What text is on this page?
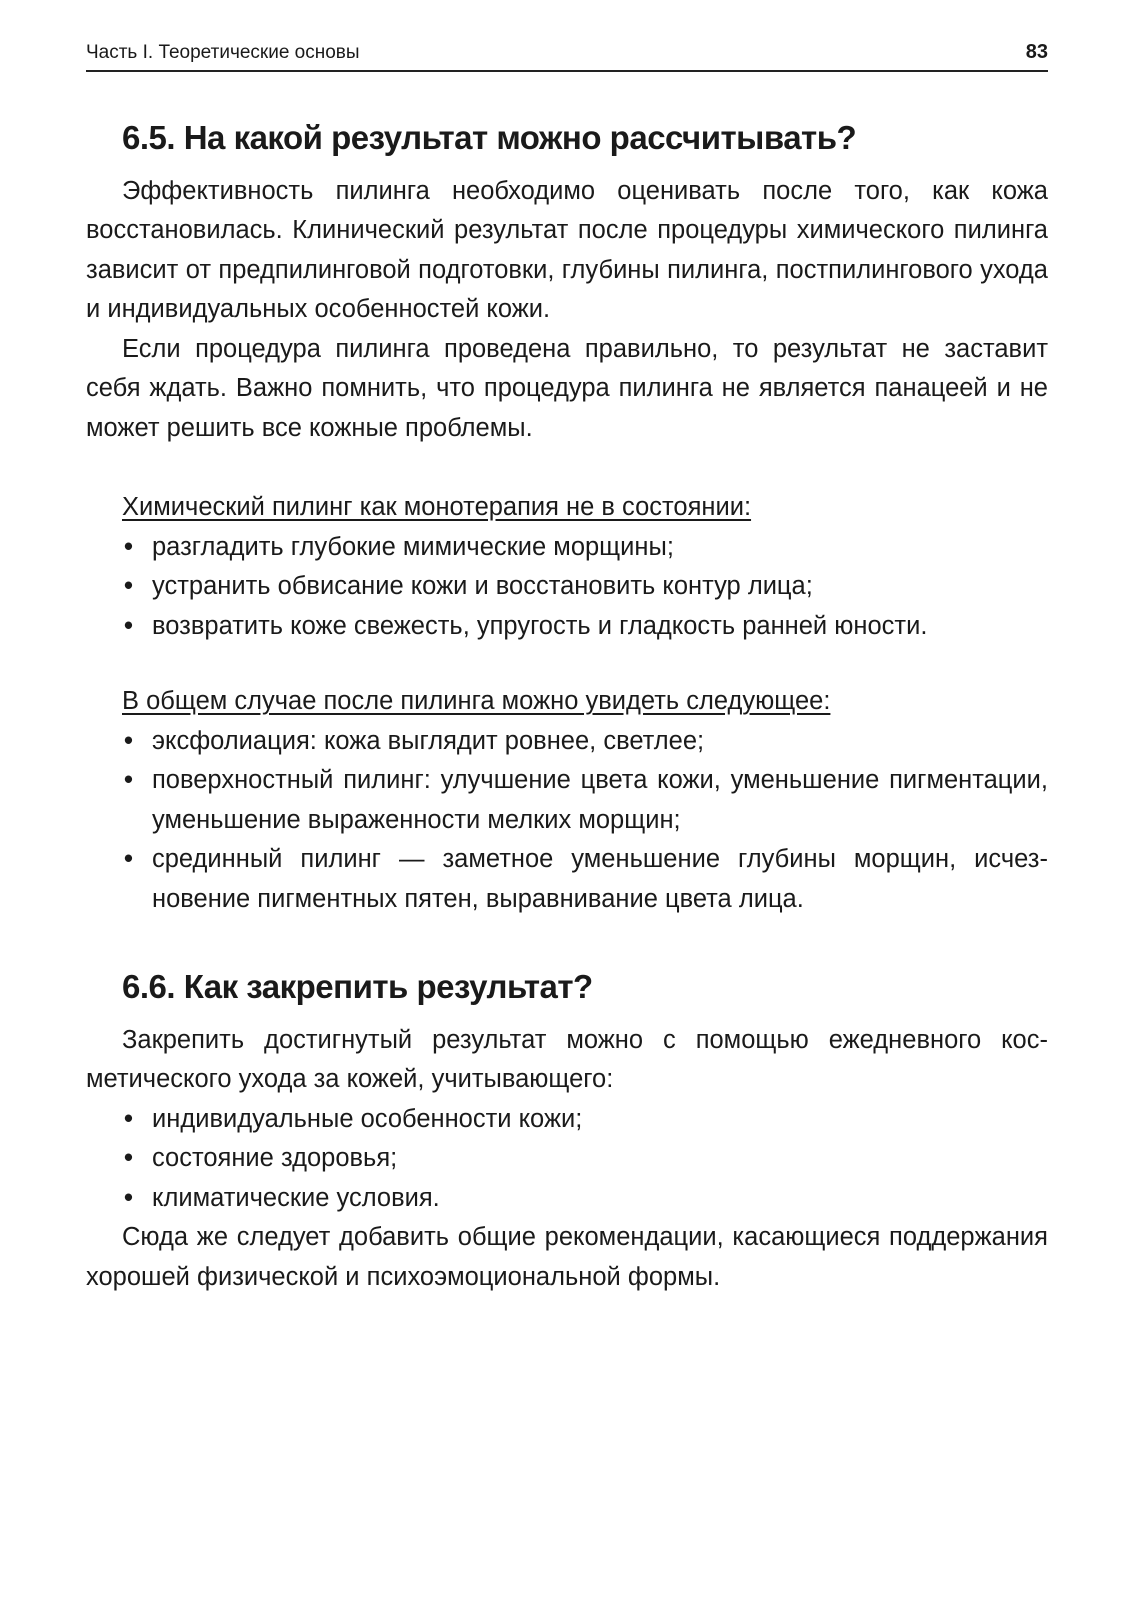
Часть I. Теоретические основы	83
6.5. На какой результат можно рассчитывать?

Эффективность пилинга необходимо оценивать после того, как кожа восстановилась. Клинический результат после процедуры химического пилинга зависит от предпилинговой подготовки, глубины пилинга, постпилингового ухода и индивидуальных особенностей кожи.

Если процедура пилинга проведена правильно, то результат не заставит себя ждать. Важно помнить, что процедура пилинга не является панацеей и не может решить все кожные проблемы.

Химический пилинг как монотерапия не в состоянии:
• разгладить глубокие мимические морщины;
• устранить обвисание кожи и восстановить контур лица;
• возвратить коже свежесть, упругость и гладкость ранней юности.
В общем случае после пилинга можно увидеть следующее:
• эксфолиация: кожа выглядит ровнее, светлее;
• поверхностный пилинг: улучшение цвета кожи, уменьшение пигментации, уменьшение выраженности мелких морщин;
• срединный пилинг — заметное уменьшение глубины морщин, исчезновение пигментных пятен, выравнивание цвета лица.
6.6. Как закрепить результат?

Закрепить достигнутый результат можно с помощью ежедневного косметического ухода за кожей, учитывающего:

• индивидуальные особенности кожи;
• состояние здоровья;
• климатические условия.

Сюда же следует добавить общие рекомендации, касающиеся поддержания хорошей физической и психоэмоциональной формы.
